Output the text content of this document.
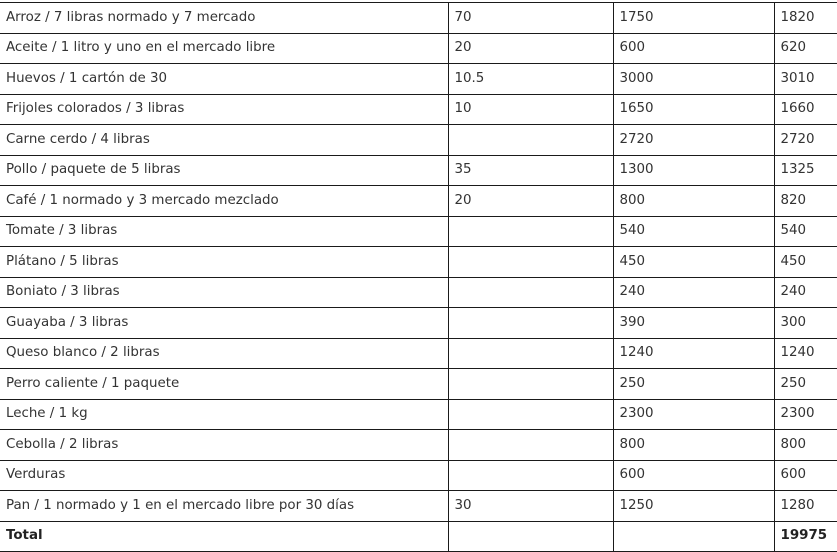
Arroz / 7 libras normado y 7 mercado	70	1750	1820
Aceite / 1 litro y uno en el mercado libre	20	600	620
Huevos / 1 cartón de 30	10.5	3000	3010
Frijoles colorados / 3 libras	10	1650	1660
Carne cerdo / 4 libras		2720	2720
Pollo / paquete de 5 libras	35	1300	1325
Café / 1 normado y 3 mercado mezclado	20	800	820
Tomate / 3 libras		540	540
Plátano / 5 libras		450	450
Boniato / 3 libras		240	240
Guayaba / 3 libras		390	300
Queso blanco / 2 libras		1240	1240
Perro caliente / 1 paquete		250	250
Leche / 1 kg		2300	2300
Cebolla / 2 libras		800	800
Verduras		600	600
Pan / 1 normado y 1 en el mercado libre por 30 días	30	1250	1280
Total			19975
